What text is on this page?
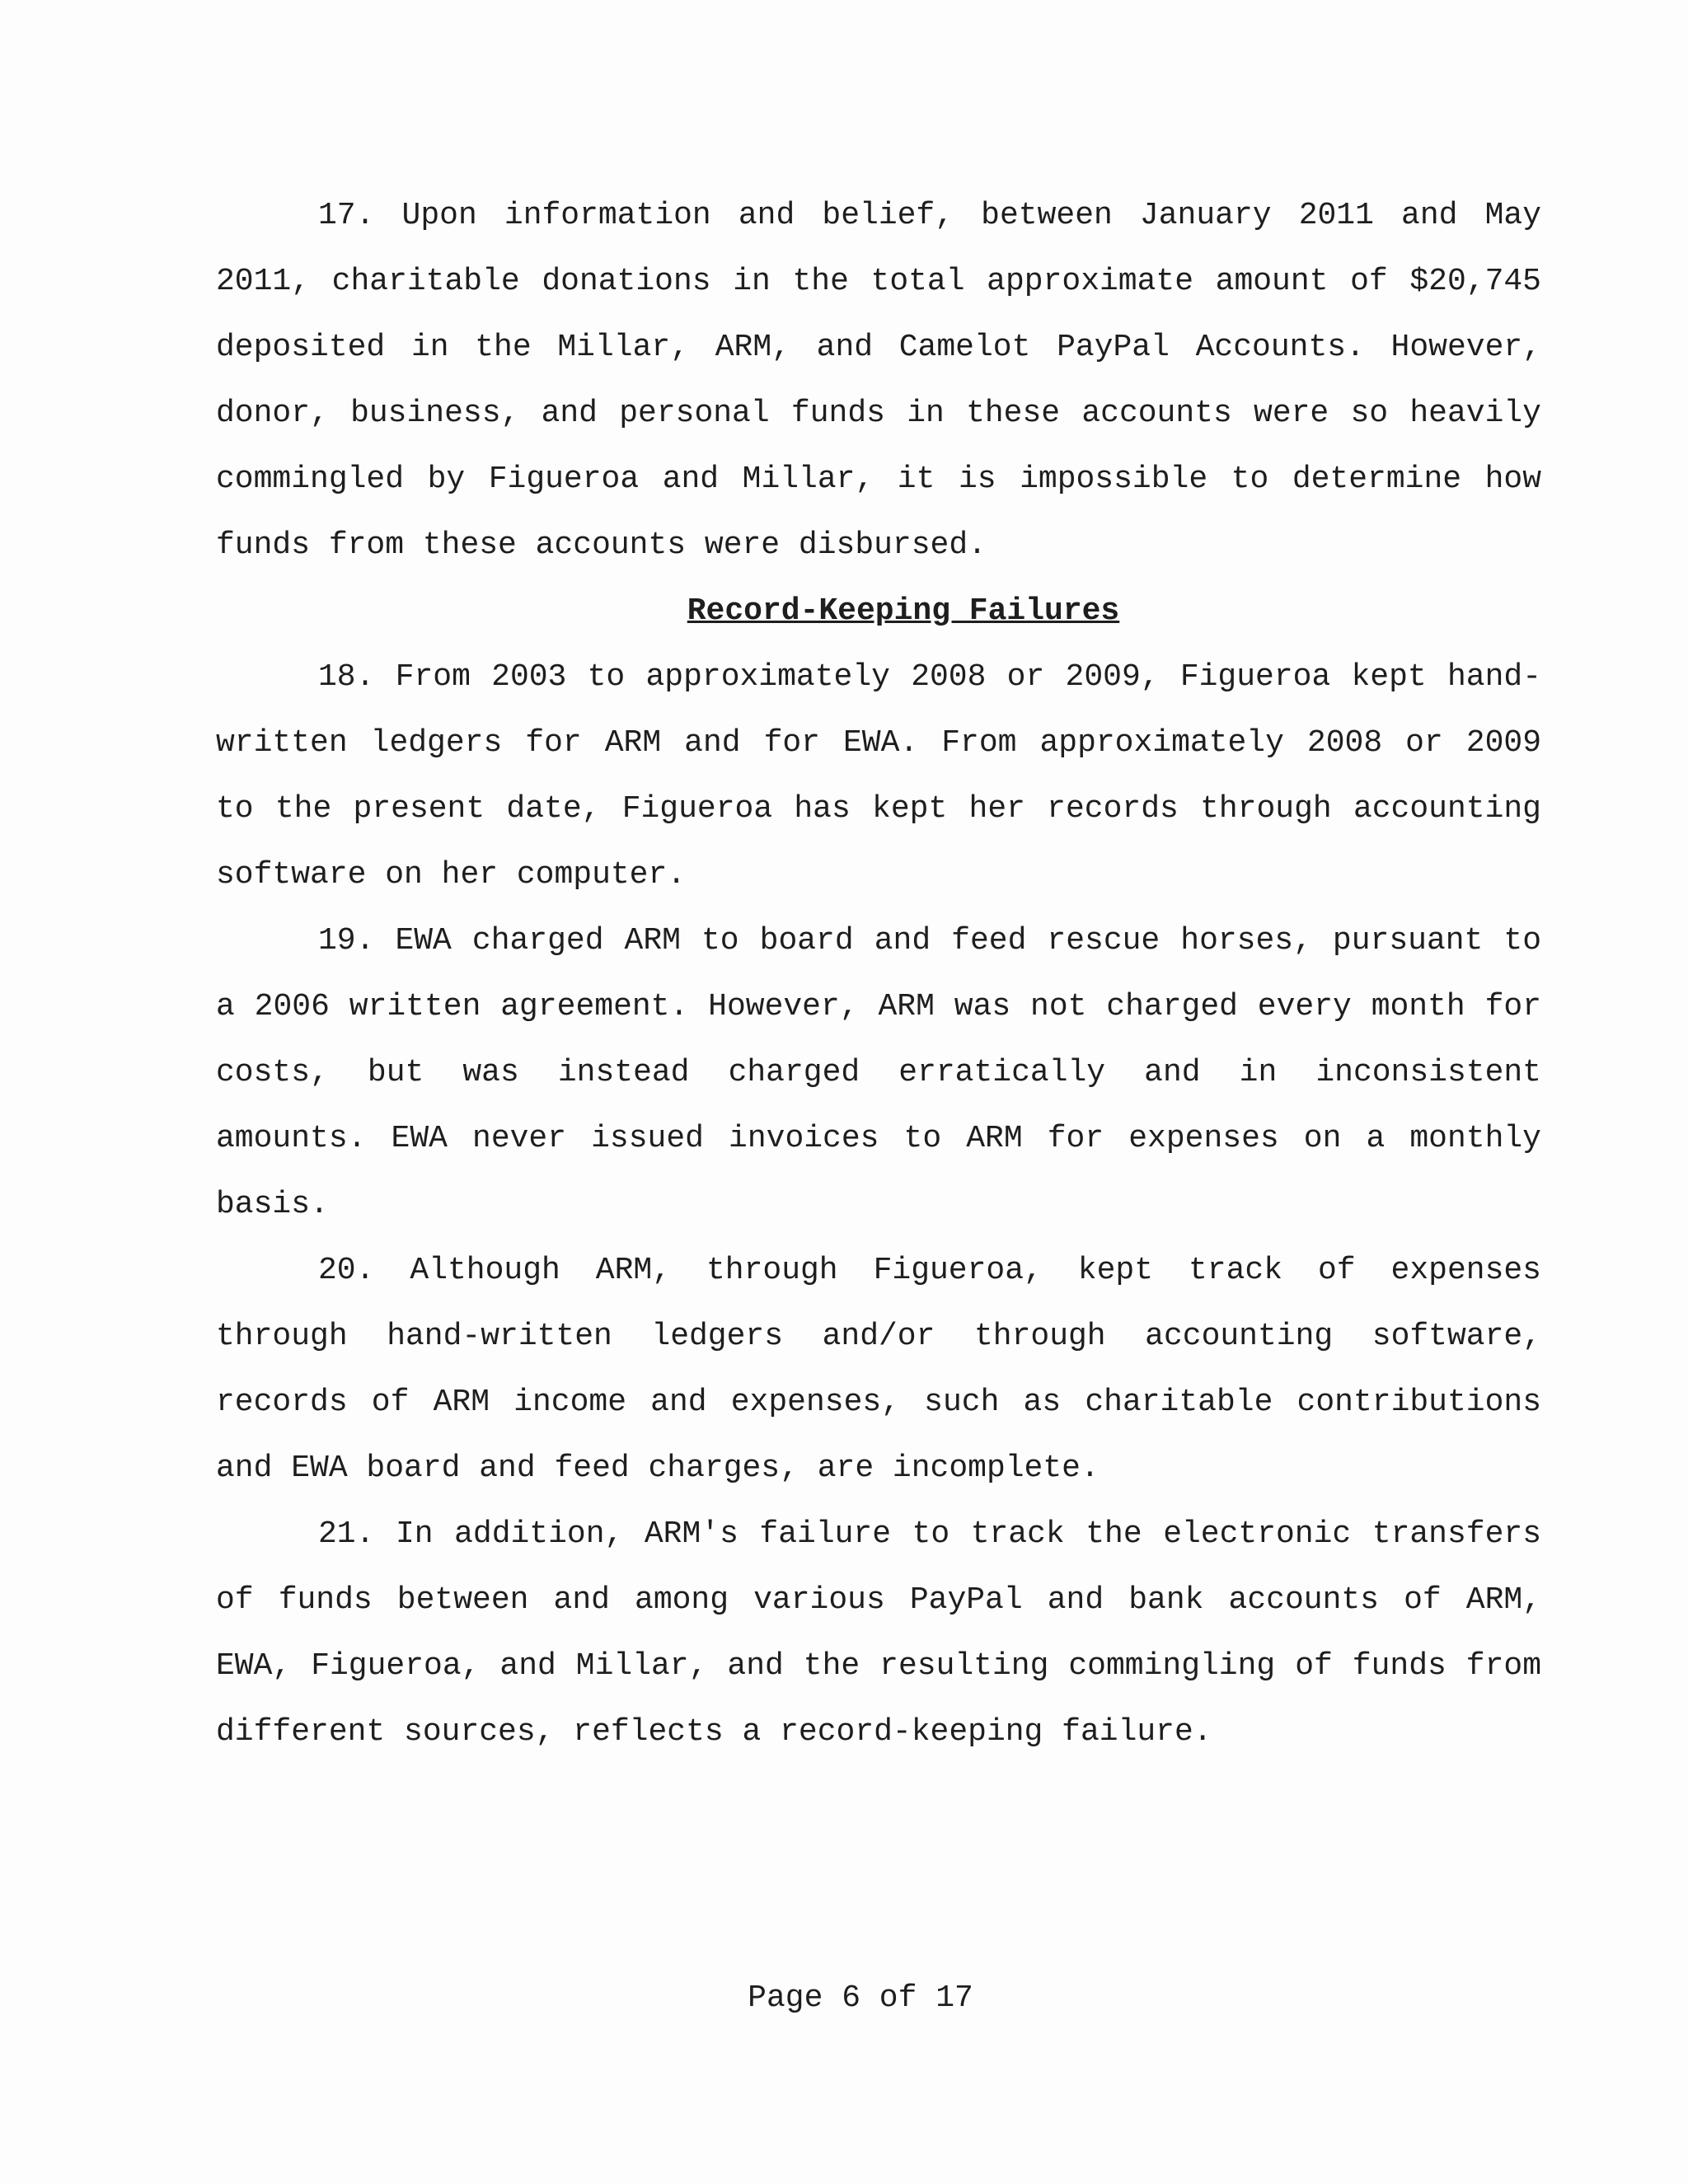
17. Upon information and belief, between January 2011 and May 2011, charitable donations in the total approximate amount of $20,745 deposited in the Millar, ARM, and Camelot PayPal Accounts. However, donor, business, and personal funds in these accounts were so heavily commingled by Figueroa and Millar, it is impossible to determine how funds from these accounts were disbursed.

Record-Keeping Failures

18. From 2003 to approximately 2008 or 2009, Figueroa kept hand-written ledgers for ARM and for EWA. From approximately 2008 or 2009 to the present date, Figueroa has kept her records through accounting software on her computer.

19. EWA charged ARM to board and feed rescue horses, pursuant to a 2006 written agreement. However, ARM was not charged every month for costs, but was instead charged erratically and in inconsistent amounts. EWA never issued invoices to ARM for expenses on a monthly basis.

20. Although ARM, through Figueroa, kept track of expenses through hand-written ledgers and/or through accounting software, records of ARM income and expenses, such as charitable contributions and EWA board and feed charges, are incomplete.

21. In addition, ARM's failure to track the electronic transfers of funds between and among various PayPal and bank accounts of ARM, EWA, Figueroa, and Millar, and the resulting commingling of funds from different sources, reflects a record-keeping failure.

Page 6 of 17
